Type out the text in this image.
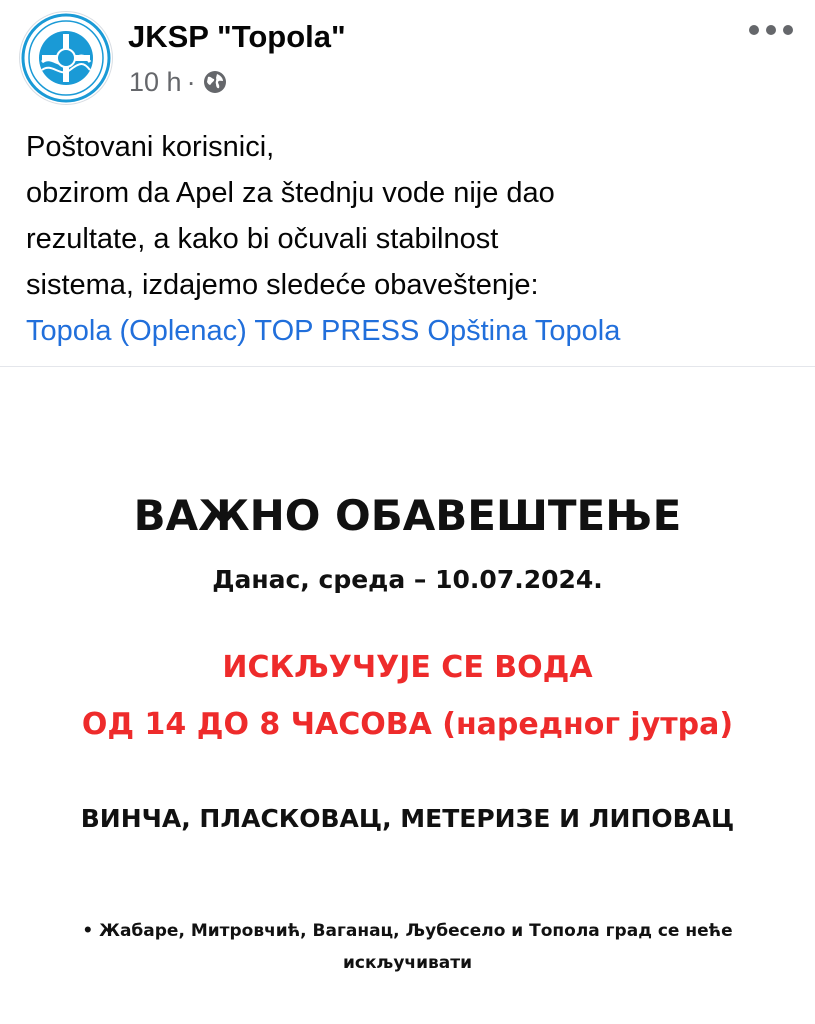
JKSP "Topola"
10 h ·
Poštovani korisnici,
obzirom da Apel za štednju vode nije dao
rezultate, a kako bi očuvali stabilnost
sistema, izdajemo sledeće obaveštenje:
Topola (Oplenac) TOP PRESS Opština Topola
ВАЖНО ОБАВЕШТЕЊЕ
Данас, среда – 10.07.2024.
ИСКЉУЧУЈЕ СЕ ВОДА
ОД 14 ДО 8 ЧАСОВА (наредног јутра)
ВИНЧА, ПЛАСКОВАЦ, МЕТЕРИЗЕ И ЛИПОВАЦ
• Жабаре, Митровчић, Ваганац, Љубесело и Топола град се неће
искључивати
